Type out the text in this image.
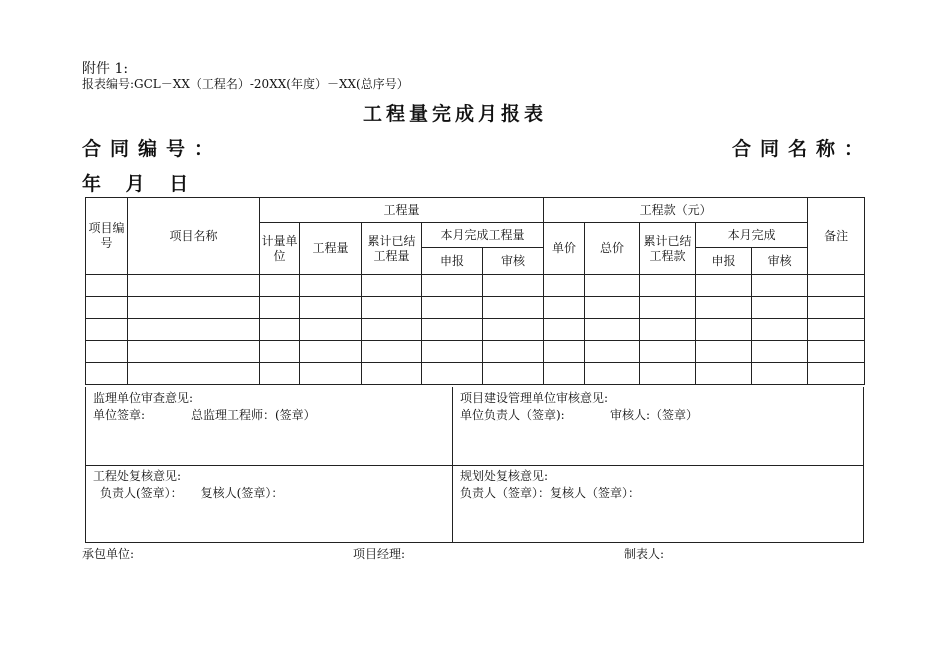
附件 1:
报表编号:GCL－XX（工程名）-20XX(年度）－XX(总序号）
工程量完成月报表
合同编号：	合同名称：
年 月 日
项目编号	项目名称	工程量					工程款（元）					备注
		计量单位	工程量	累计已结工程量	本月完成工程量		单价	总价	累计已结工程款	本月完成		
					申报	审核				申报	审核	

监理单位审查意见:
单位签章:	总监理工程师：(签章）
项目建设管理单位审核意见:
单位负责人（签章):	审核人:（签章）
工程处复核意见:
负责人(签章）：　　复核人(签章）：
规划处复核意见:
负责人（签章）：复核人（签章）：
承包单位:	项目经理:	制表人:
